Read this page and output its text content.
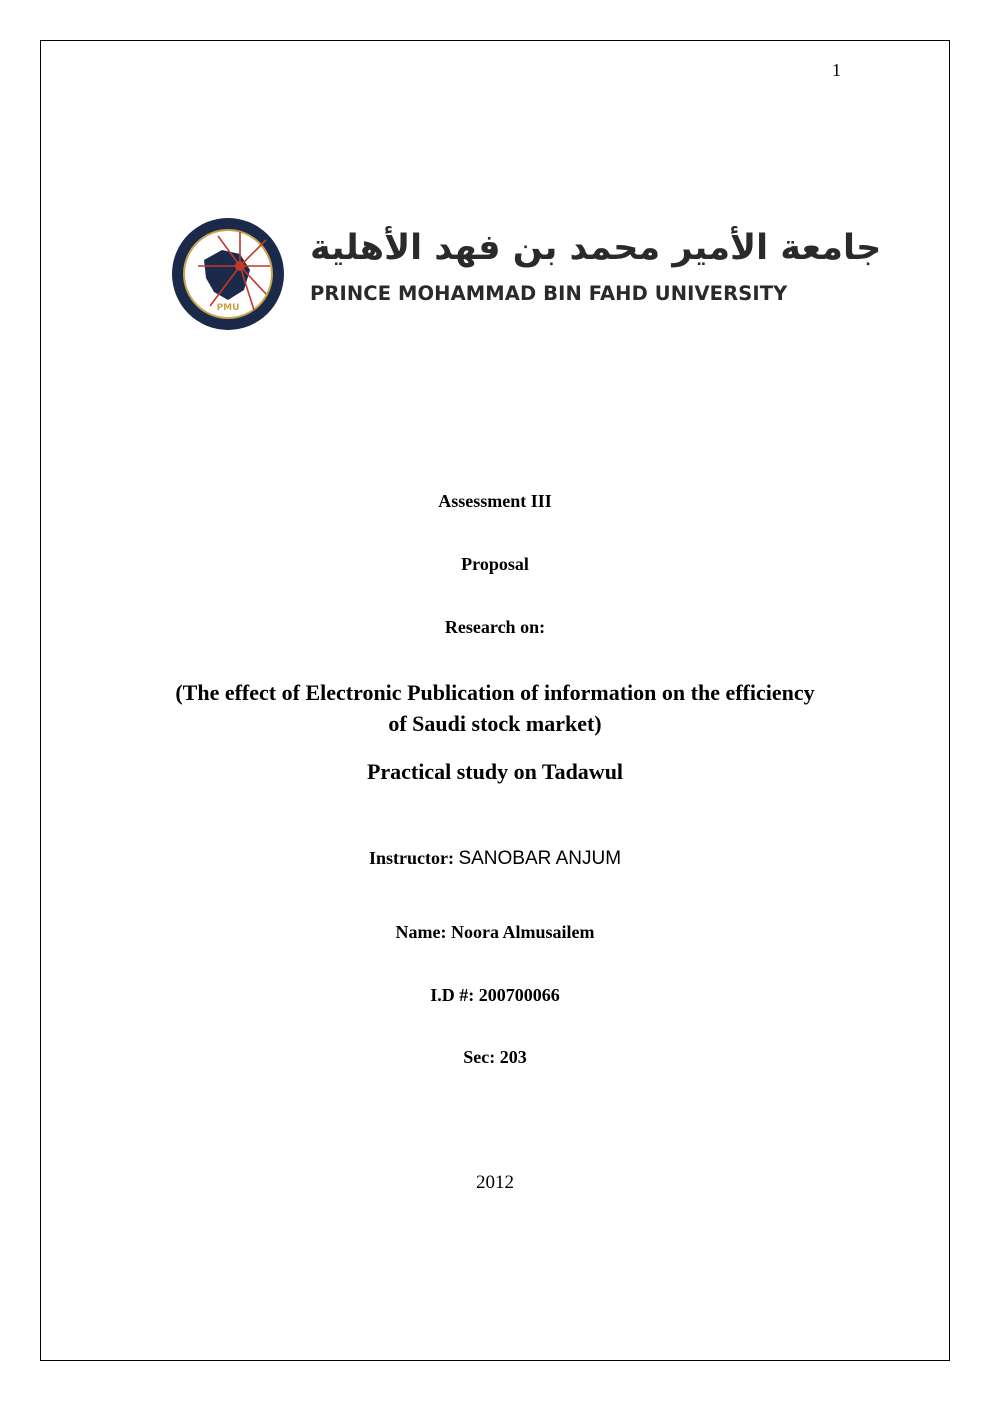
1
PMU
جامعة الأمير محمد بن فهد الأهلية
PRINCE MOHAMMAD BIN FAHD UNIVERSITY
Assessment III
Proposal
Research on:
(The effect of Electronic Publication of information on the efficiency
of Saudi stock market)
Practical study on Tadawul
Instructor: SANOBAR ANJUM
Name: Noora Almusailem
I.D #: 200700066
Sec: 203
2012
